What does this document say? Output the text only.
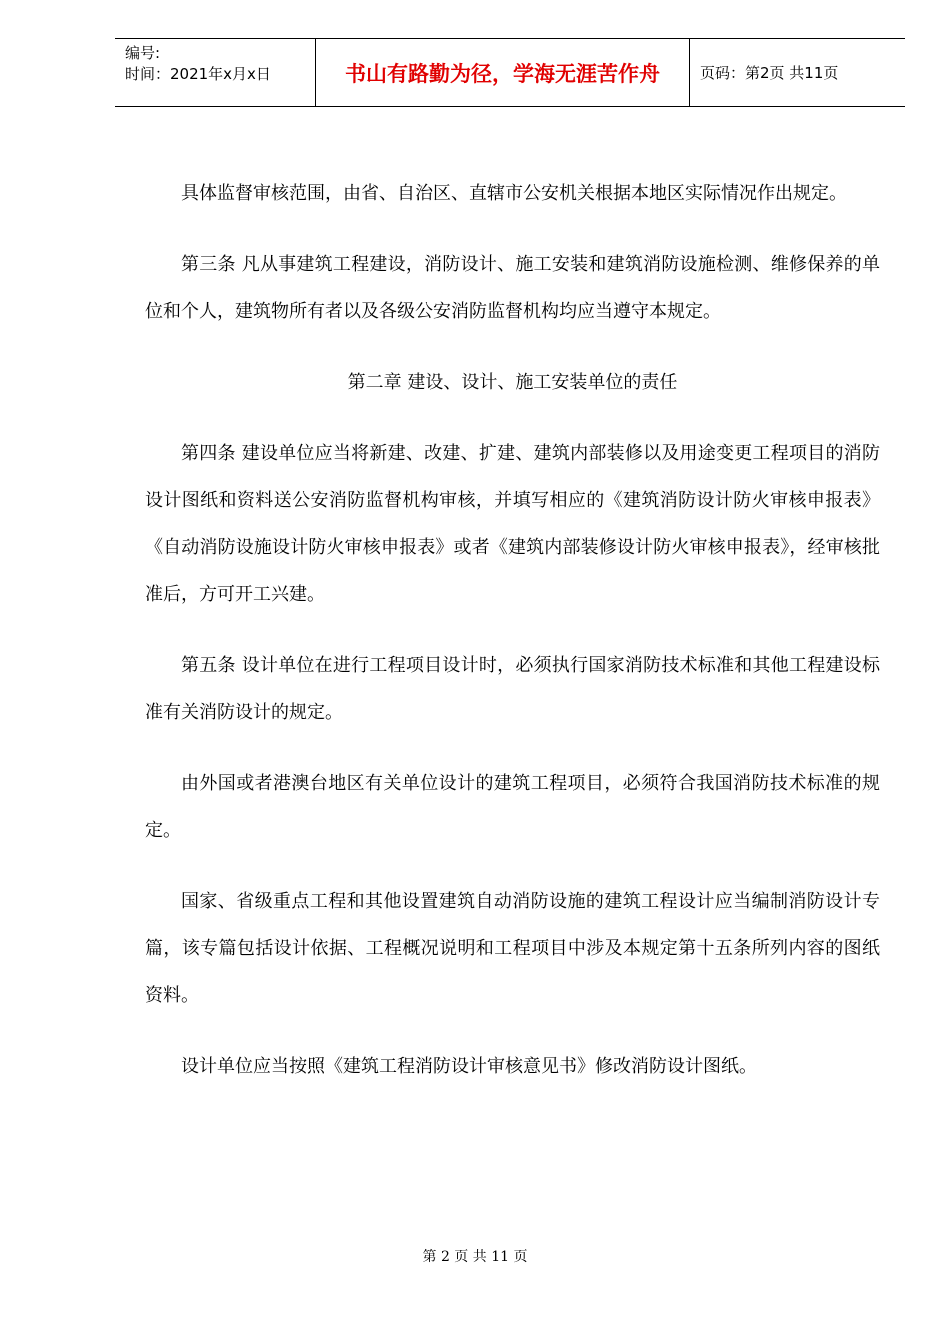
编号:
时间：2021年x月x日	书山有路勤为径，学海无涯苦作舟	页码：第2页 共11页

具体监督审核范围，由省、自治区、直辖市公安机关根据本地区实际情况作出规定。

第三条 凡从事建筑工程建设，消防设计、施工安装和建筑消防设施检测、维修保养的单位和个人，建筑物所有者以及各级公安消防监督机构均应当遵守本规定。

第二章 建设、设计、施工安装单位的责任

第四条 建设单位应当将新建、改建、扩建、建筑内部装修以及用途变更工程项目的消防设计图纸和资料送公安消防监督机构审核，并填写相应的《建筑消防设计防火审核申报表》《自动消防设施设计防火审核申报表》或者《建筑内部装修设计防火审核申报表》，经审核批准后，方可开工兴建。

第五条 设计单位在进行工程项目设计时，必须执行国家消防技术标准和其他工程建设标准有关消防设计的规定。

由外国或者港澳台地区有关单位设计的建筑工程项目，必须符合我国消防技术标准的规定。

国家、省级重点工程和其他设置建筑自动消防设施的建筑工程设计应当编制消防设计专篇，该专篇包括设计依据、工程概况说明和工程项目中涉及本规定第十五条所列内容的图纸资料。

设计单位应当按照《建筑工程消防设计审核意见书》修改消防设计图纸。

第 2 页 共 11 页
